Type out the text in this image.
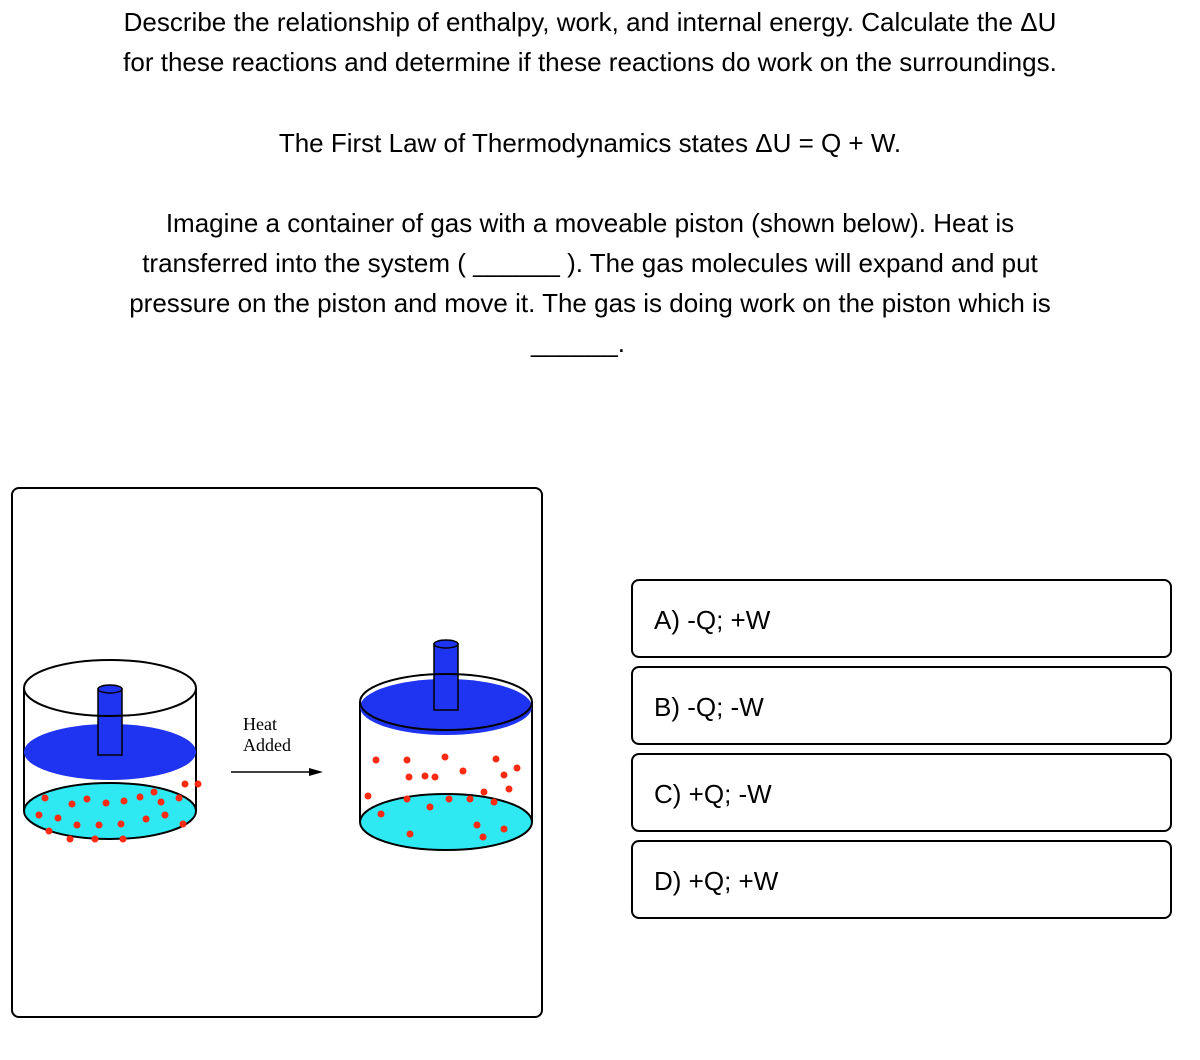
Describe the relationship of enthalpy, work, and internal energy. Calculate the ΔU
for these reactions and determine if these reactions do work on the surroundings.
The First Law of Thermodynamics states ΔU = Q + W.
Imagine a container of gas with a moveable piston (shown below). Heat is
transferred into the system ( ______ ). The gas molecules will expand and put
pressure on the piston and move it. The gas is doing work on the piston which is
______.
Heat
Added
A) -Q; +W
B) -Q; -W
C) +Q; -W
D) +Q; +W
